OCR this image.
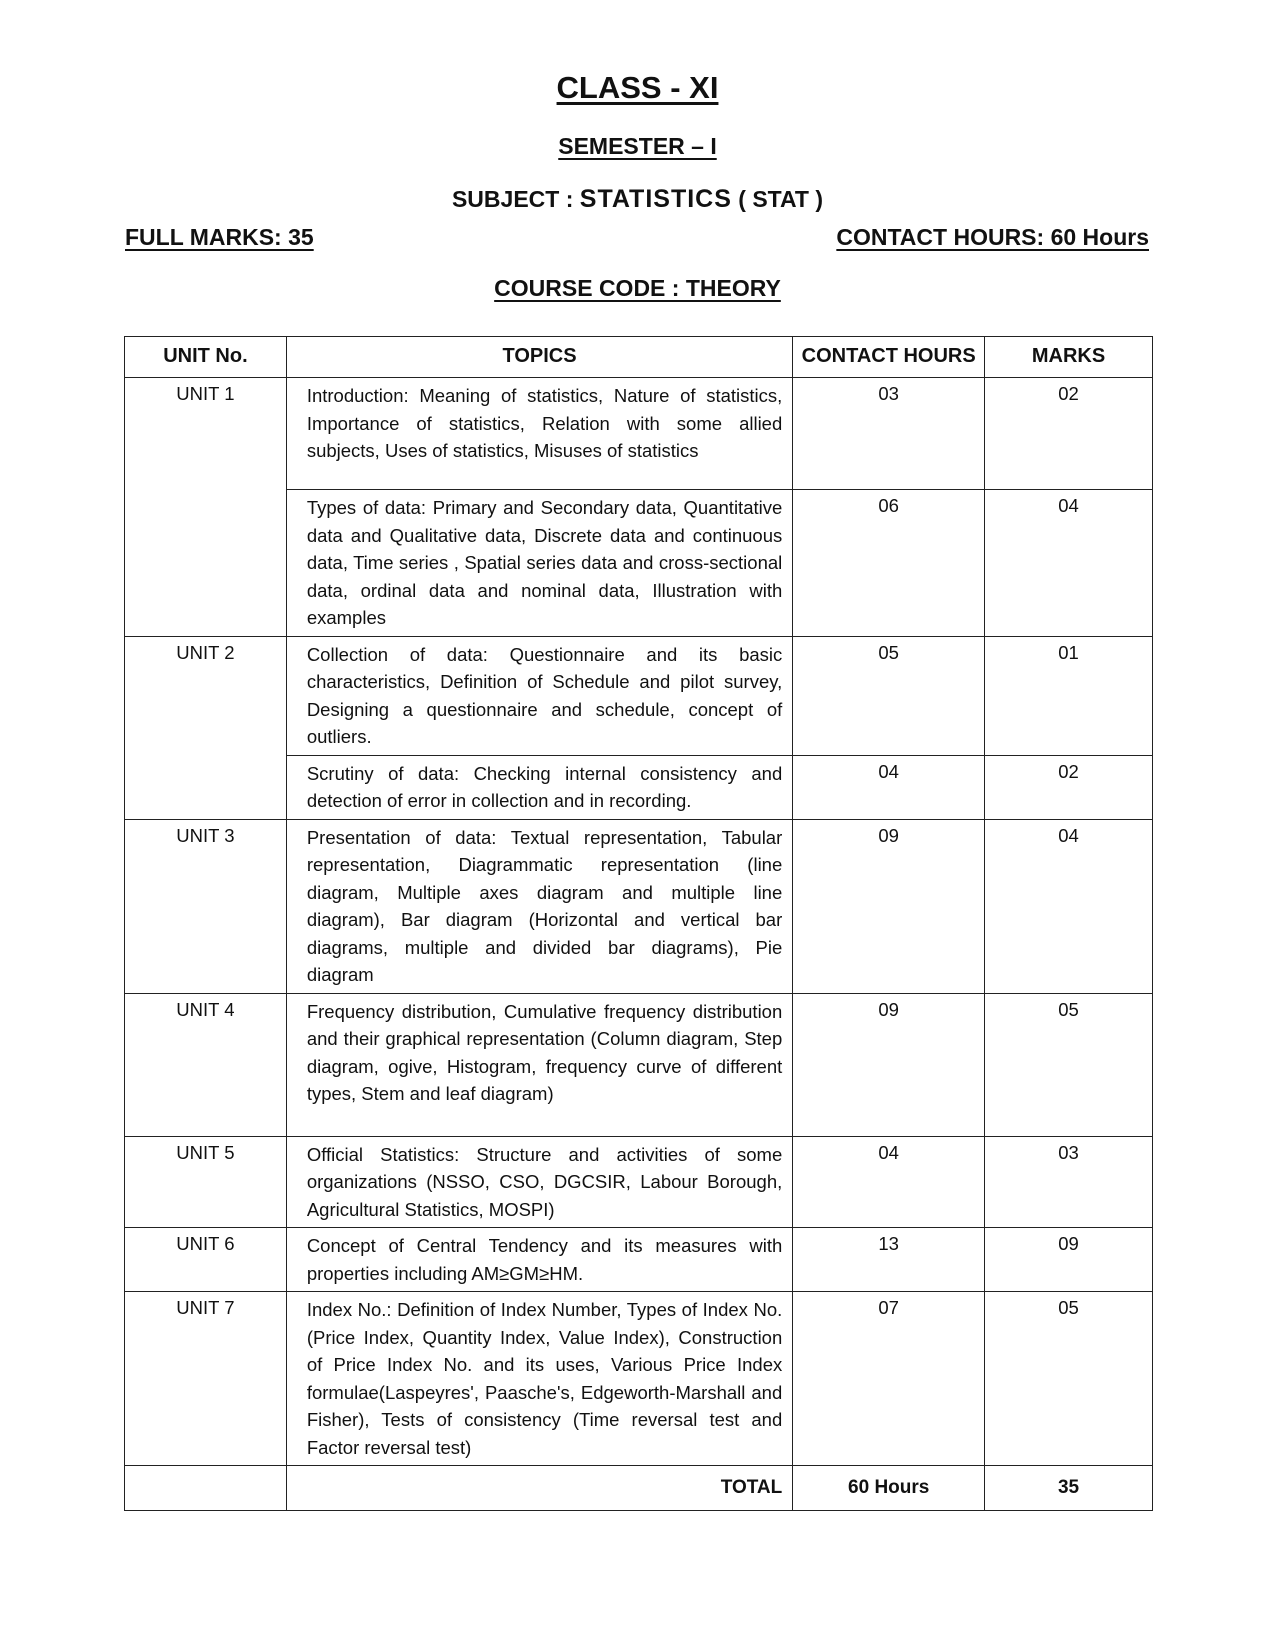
CLASS - XI
SEMESTER – I
SUBJECT : STATISTICS ( STAT )

FULL MARKS: 35	CONTACT HOURS: 60 Hours

COURSE CODE : THEORY
UNIT No.	TOPICS	CONTACT HOURS	MARKS
UNIT 1	Introduction: Meaning of statistics, Nature of statistics, Importance of statistics, Relation with some allied subjects, Uses of statistics, Misuses of statistics	03	02
	Types of data: Primary and Secondary data, Quantitative data and Qualitative data, Discrete data and continuous data, Time series , Spatial series data and cross-sectional data, ordinal data and nominal data, Illustration with examples	06	04
UNIT 2	Collection of data: Questionnaire and its basic characteristics, Definition of Schedule and pilot survey, Designing a questionnaire and schedule, concept of outliers.	05	01
	Scrutiny of data: Checking internal consistency and detection of error in collection and in recording.	04	02
UNIT 3	Presentation of data: Textual representation, Tabular representation, Diagrammatic representation (line diagram, Multiple axes diagram and multiple line diagram), Bar diagram (Horizontal and vertical bar diagrams, multiple and divided bar diagrams), Pie diagram	09	04
UNIT 4	Frequency distribution, Cumulative frequency distribution and their graphical representation (Column diagram, Step diagram, ogive, Histogram, frequency curve of different types, Stem and leaf diagram)	09	05
UNIT 5	Official Statistics: Structure and activities of some organizations (NSSO, CSO, DGCSIR, Labour Borough, Agricultural Statistics, MOSPI)	04	03
UNIT 6	Concept of Central Tendency and its measures with properties including AM≥GM≥HM.	13	09
UNIT 7	Index No.: Definition of Index Number, Types of Index No.(Price Index, Quantity Index, Value Index), Construction of Price Index No. and its uses, Various Price Index formulae(Laspeyres', Paasche's, Edgeworth-Marshall and Fisher), Tests of consistency (Time reversal test and Factor reversal test)	07	05
	TOTAL	60 Hours	35
